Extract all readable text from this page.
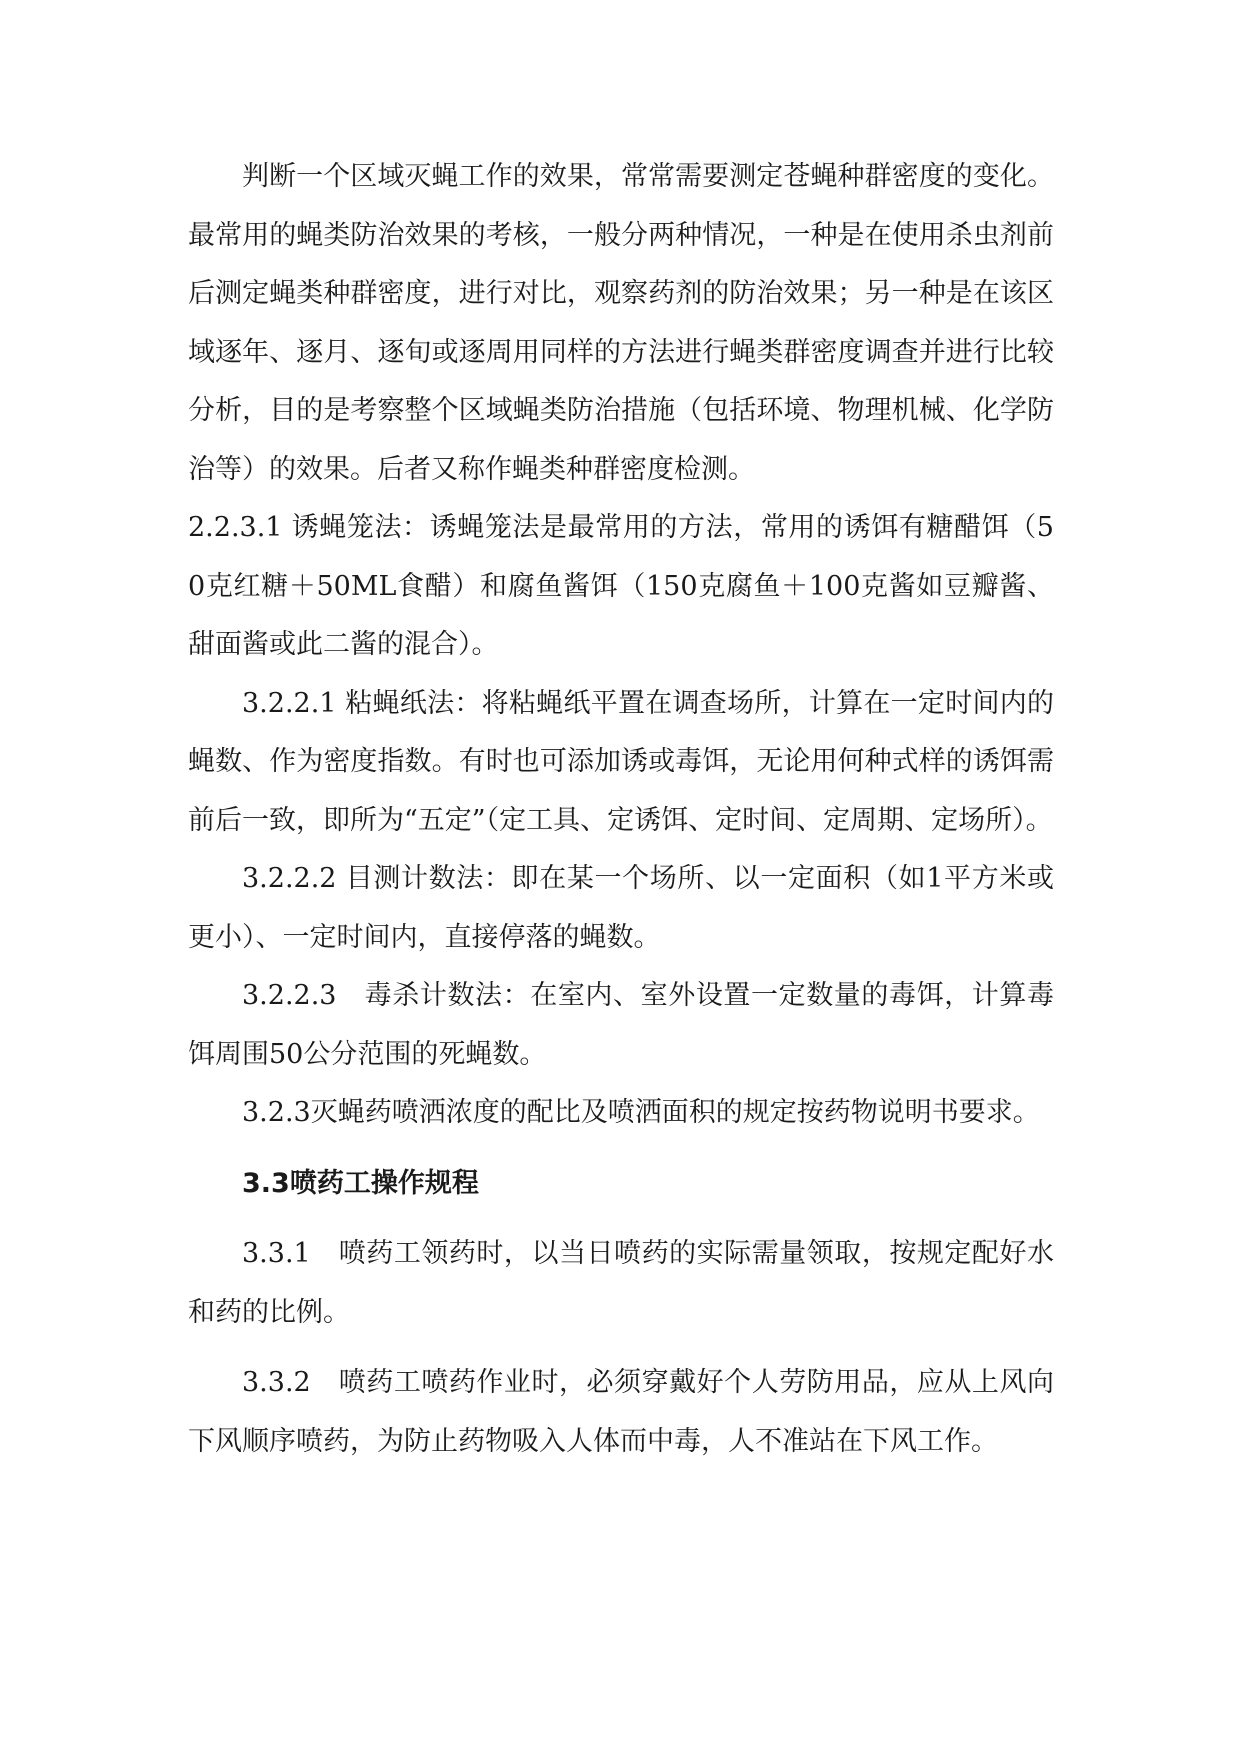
判断一个区域灭蝇工作的效果，常常需要测定苍蝇种群密度的变化。最常用的蝇类防治效果的考核，一般分两种情况，一种是在使用杀虫剂前后测定蝇类种群密度，进行对比，观察药剂的防治效果；另一种是在该区域逐年、逐月、逐旬或逐周用同样的方法进行蝇类群密度调查并进行比较分析，目的是考察整个区域蝇类防治措施（包括环境、物理机械、化学防治等）的效果。后者又称作蝇类种群密度检测。

2.2.3.1 诱蝇笼法：诱蝇笼法是最常用的方法，常用的诱饵有糖醋饵（50克红糖＋50ML食醋）和腐鱼酱饵（150克腐鱼＋100克酱如豆瓣酱、甜面酱或此二酱的混合）。

3.2.2.1 粘蝇纸法：将粘蝇纸平置在调查场所，计算在一定时间内的蝇数、作为密度指数。有时也可添加诱或毒饵，无论用何种式样的诱饵需前后一致，即所为“五定”（定工具、定诱饵、定时间、定周期、定场所）。

3.2.2.2 目测计数法：即在某一个场所、以一定面积（如1平方米或更小）、一定时间内，直接停落的蝇数。

3.2.2.3　毒杀计数法：在室内、室外设置一定数量的毒饵，计算毒饵周围50公分范围的死蝇数。

3.2.3灭蝇药喷洒浓度的配比及喷洒面积的规定按药物说明书要求。

3.3喷药工操作规程

3.3.1　喷药工领药时，以当日喷药的实际需量领取，按规定配好水和药的比例。

3.3.2　喷药工喷药作业时，必须穿戴好个人劳防用品，应从上风向下风顺序喷药，为防止药物吸入人体而中毒，人不准站在下风工作。
